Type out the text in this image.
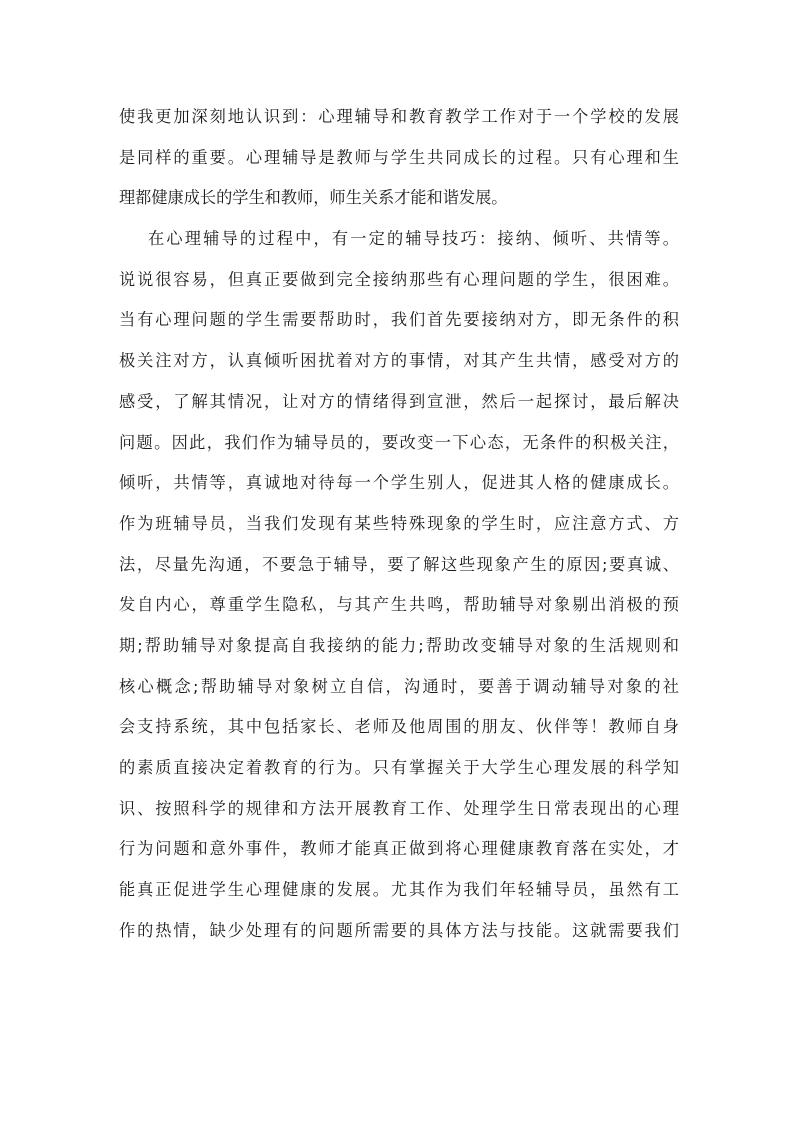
使我更加深刻地认识到：心理辅导和教育教学工作对于一个学校的发展
是同样的重要。心理辅导是教师与学生共同成长的过程。只有心理和生
理都健康成长的学生和教师，师生关系才能和谐发展。
在心理辅导的过程中，有一定的辅导技巧：接纳、倾听、共情等。
说说很容易，但真正要做到完全接纳那些有心理问题的学生，很困难。
当有心理问题的学生需要帮助时，我们首先要接纳对方，即无条件的积
极关注对方，认真倾听困扰着对方的事情，对其产生共情，感受对方的
感受，了解其情况，让对方的情绪得到宣泄，然后一起探讨，最后解决
问题。因此，我们作为辅导员的，要改变一下心态，无条件的积极关注，
倾听，共情等，真诚地对待每一个学生别人，促进其人格的健康成长。
作为班辅导员，当我们发现有某些特殊现象的学生时，应注意方式、方
法，尽量先沟通，不要急于辅导，要了解这些现象产生的原因;要真诚、
发自内心，尊重学生隐私，与其产生共鸣，帮助辅导对象剔出消极的预
期;帮助辅导对象提高自我接纳的能力;帮助改变辅导对象的生活规则和
核心概念;帮助辅导对象树立自信，沟通时，要善于调动辅导对象的社
会支持系统，其中包括家长、老师及他周围的朋友、伙伴等！教师自身
的素质直接决定着教育的行为。只有掌握关于大学生心理发展的科学知
识、按照科学的规律和方法开展教育工作、处理学生日常表现出的心理
行为问题和意外事件，教师才能真正做到将心理健康教育落在实处，才
能真正促进学生心理健康的发展。尤其作为我们年轻辅导员，虽然有工
作的热情，缺少处理有的问题所需要的具体方法与技能。这就需要我们
